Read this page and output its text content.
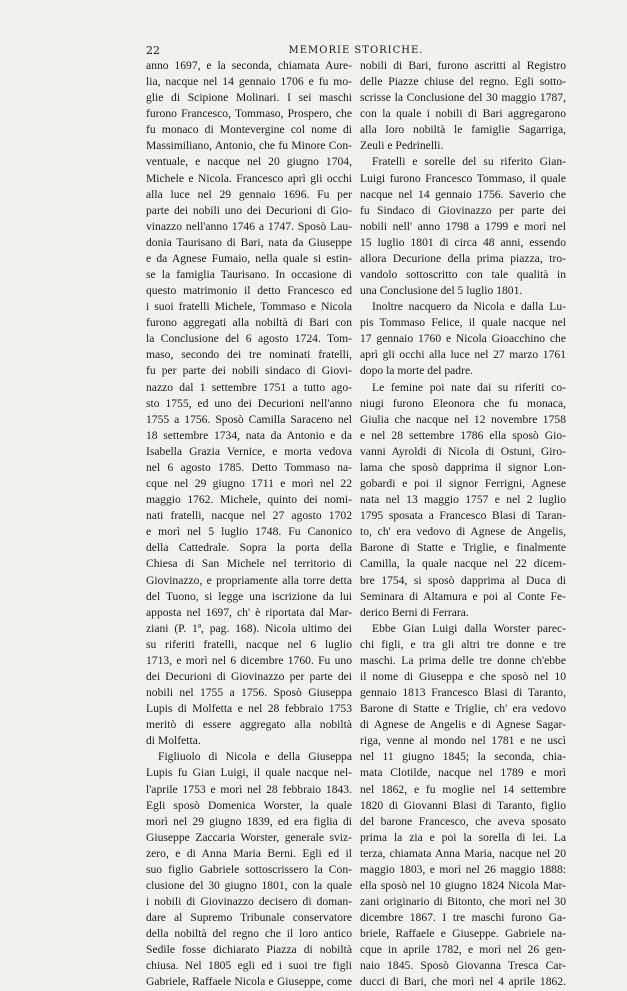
22	MEMORIE STORICHE.
anno 1697, e la seconda, chiamata Aure-
lia, nacque nel 14 gennaio 1706 e fu mo-
glie di Scipione Molinari. I sei maschi
furono Francesco, Tommaso, Prospero, che
fu monaco di Montevergine col nome di
Massimiliano, Antonio, che fu Minore Con-
ventuale, e nacque nel 20 giugno 1704,
Michele e Nicola. Francesco aprì gli occhi
alla luce nel 29 gennaio 1696. Fu per
parte dei nobili uno dei Decurioni di Gio-
vinazzo nell'anno 1746 a 1747. Sposò Lau-
donia Taurisano di Bari, nata da Giuseppe
e da Agnese Fumaio, nella quale si estin-
se la famiglia Taurisano. In occasione di
questo matrimonio il detto Francesco ed
i suoi fratelli Michele, Tommaso e Nicola
furono aggregati alla nobiltà di Bari con
la Conclusione del 6 agosto 1724. Tom-
maso, secondo dei tre nominati fratelli,
fu per parte dei nobili sindaco di Giovi-
nazzo dal 1 settembre 1751 a tutto ago-
sto 1755, ed uno dei Decurioni nell'anno
1755 a 1756. Sposò Camilla Saraceno nel
18 settembre 1734, nata da Antonio e da
Isabella Grazia Vernice, e morta vedova
nel 6 agosto 1785. Detto Tommaso na-
cque nel 29 giugno 1711 e morì nel 22
maggio 1762. Michele, quinto dei nomi-
nati fratelli, nacque nel 27 agosto 1702
e morì nel 5 luglio 1748. Fu Canonico
della Cattedrale. Sopra la porta della
Chiesa di San Michele nel territorio di
Giovinazzo, e propriamente alla torre detta
del Tuono, si legge una iscrizione da lui
apposta nel 1697, ch' è riportata dal Mar-
ziani (P. 1ª, pag. 168). Nicola ultimo dei
su riferiti fratelli, nacque nel 6 luglio
1713, e morì nel 6 dicembre 1760. Fu uno
dei Decurioni di Giovinazzo per parte dei
nobili nel 1755 a 1756. Sposò Giuseppa
Lupis di Molfetta e nel 28 febbraio 1753
meritò di essere aggregato alla nobiltà
di Molfetta.
Figliuolo di Nicola e della Giuseppa
Lupis fu Gian Luigi, il quale nacque nel-
l'aprile 1753 e morì nel 28 febbraio 1843.
Egli sposò Domenica Worster, la quale
morì nel 29 giugno 1839, ed era figlia di
Giuseppe Zaccaria Worster, generale sviz-
zero, e di Anna Maria Berni. Egli ed il
suo figlio Gabriele sottoscrissero la Con-
clusione del 30 giugno 1801, con la quale
i nobili di Giovinazzo decisero di doman-
dare al Supremo Tribunale conservatore
della nobiltà del regno che il loro antico
Sedile fosse dichiarato Piazza di nobiltà
chiusa. Nel 1805 egli ed i suoi tre figli
Gabriele, Raffaele Nicola e Giuseppe, come
nobili di Bari, furono ascritti al Registro
delle Piazze chiuse del regno. Egli sotto-
scrisse la Conclusione del 30 maggio 1787,
con la quale i nobili di Bari aggregarono
alla loro nobiltà le famiglie Sagarriga,
Zeuli e Pedrinelli.
Fratelli e sorelle del su riferito Gian-
Luigi furono Francesco Tommaso, il quale
nacque nel 14 gennaio 1756. Saverio che
fu Sindaco di Giovinazzo per parte dei
nobili nell' anno 1798 a 1799 e morì nel
15 luglio 1801 di circa 48 anni, essendo
allora Decurione della prima piazza, tro-
vandolo sottoscritto con tale qualità in
una Conclusione del 5 luglio 1801.
Inoltre nacquero da Nicola e dalla Lu-
pis Tommaso Felice, il quale nacque nel
17 gennaio 1760 e Nicola Gioacchino che
aprì gli occhi alla luce nel 27 marzo 1761
dopo la morte del padre.
Le femine poi nate dai su riferiti co-
niugi furono Eleonora che fu monaca,
Giulia che nacque nel 12 novembre 1758
e nel 28 settembre 1786 ella sposò Gio-
vanni Ayroldi di Nicola di Ostuni, Giro-
lama che sposò dapprima il signor Lon-
gobardi e poi il signor Ferrigni, Agnese
nata nel 13 maggio 1757 e nel 2 luglio
1795 sposata a Francesco Blasi di Taran-
to, ch' era vedovo di Agnese de Angelis,
Barone di Statte e Triglie, e finalmente
Camilla, la quale nacque nel 22 dicem-
bre 1754, si sposò dapprima al Duca di
Seminara di Altamura e poi al Conte Fe-
derico Berni di Ferrara.
Ebbe Gian Luigi dalla Worster parec-
chi figli, e tra gli altri tre donne e tre
maschi. La prima delle tre donne ch'ebbe
il nome di Giuseppa e che sposò nel 10
gennaio 1813 Francesco Blasi di Taranto,
Barone di Statte e Triglie, ch' era vedovo
di Agnese de Angelis e di Agnese Sagar-
riga, venne al mondo nel 1781 e ne uscì
nel 11 giugno 1845; la seconda, chia-
mata Clotilde, nacque nel 1789 e morì
nel 1862, e fu moglie nel 14 settembre
1820 di Giovanni Blasi di Taranto, figlio
del barone Francesco, che aveva sposato
prima la zia e poi la sorella di lei. La
terza, chiamata Anna Maria, nacque nel 20
maggio 1803, e morì nel 26 maggio 1888:
ella sposò nel 10 giugno 1824 Nicola Mar-
zani originario di Bitonto, che morì nel 30
dicembre 1867. I tre maschi furono Ga-
briele, Raffaele e Giuseppe. Gabriele na-
cque in aprile 1782, e morì nel 26 gen-
naio 1845. Sposò Giovanna Tresca Car-
ducci di Bari, che morì nel 4 aprile 1862.
